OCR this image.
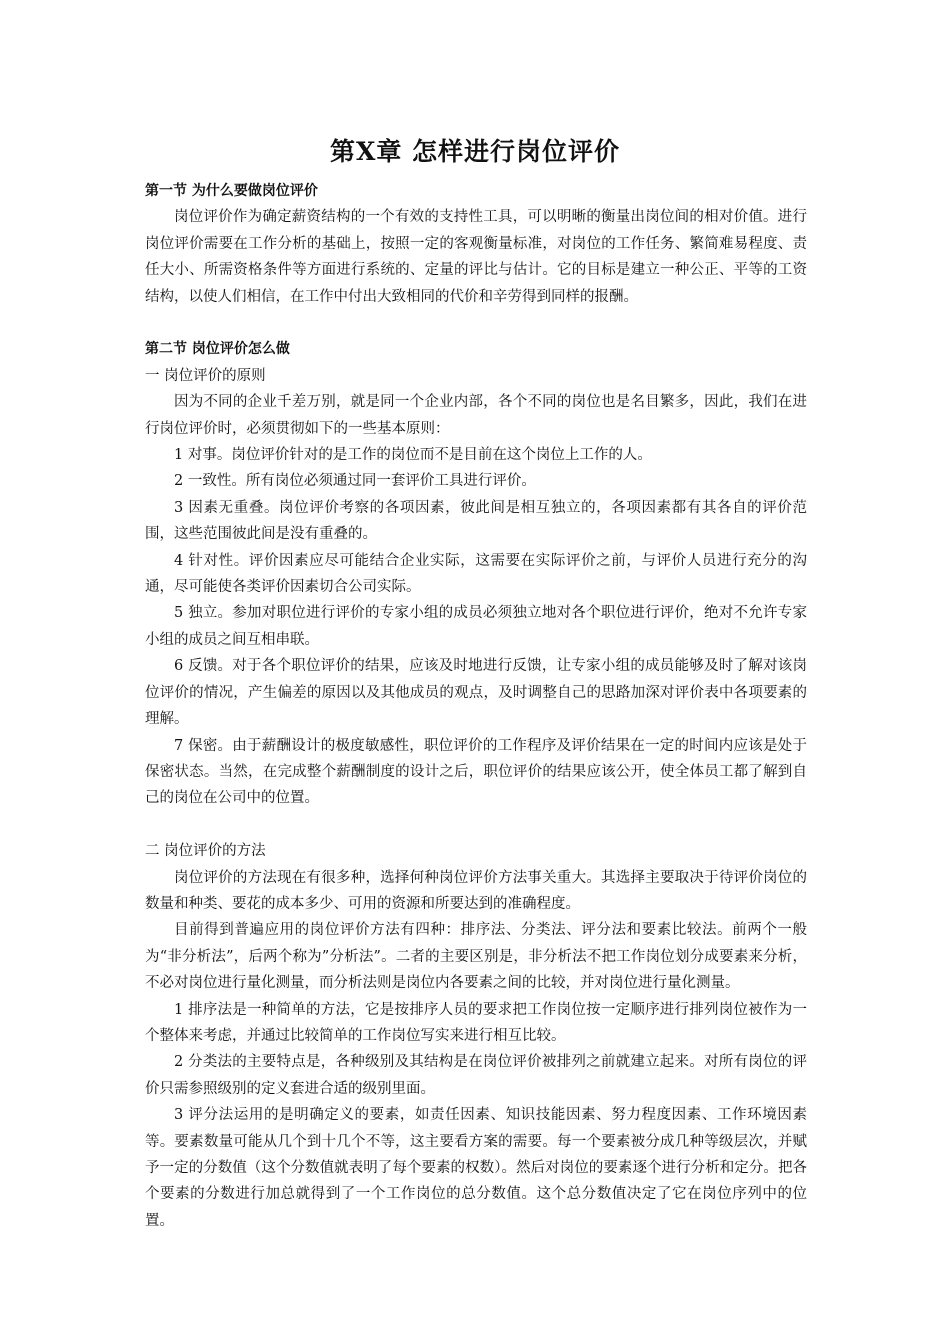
第X章 怎样进行岗位评价

第一节 为什么要做岗位评价

岗位评价作为确定薪资结构的一个有效的支持性工具，可以明晰的衡量出岗位间的相对价值。进行岗位评价需要在工作分析的基础上，按照一定的客观衡量标准，对岗位的工作任务、繁简难易程度、责任大小、所需资格条件等方面进行系统的、定量的评比与估计。它的目标是建立一种公正、平等的工资结构，以使人们相信，在工作中付出大致相同的代价和辛劳得到同样的报酬。

第二节 岗位评价怎么做

一 岗位评价的原则

因为不同的企业千差万别，就是同一个企业内部，各个不同的岗位也是名目繁多，因此，我们在进行岗位评价时，必须贯彻如下的一些基本原则：

1 对事。岗位评价针对的是工作的岗位而不是目前在这个岗位上工作的人。

2 一致性。所有岗位必须通过同一套评价工具进行评价。

3 因素无重叠。岗位评价考察的各项因素，彼此间是相互独立的，各项因素都有其各自的评价范围，这些范围彼此间是没有重叠的。

4 针对性。评价因素应尽可能结合企业实际，这需要在实际评价之前，与评价人员进行充分的沟通，尽可能使各类评价因素切合公司实际。

5 独立。参加对职位进行评价的专家小组的成员必须独立地对各个职位进行评价，绝对不允许专家小组的成员之间互相串联。

6 反馈。对于各个职位评价的结果，应该及时地进行反馈，让专家小组的成员能够及时了解对该岗位评价的情况，产生偏差的原因以及其他成员的观点，及时调整自己的思路加深对评价表中各项要素的理解。

7 保密。由于薪酬设计的极度敏感性，职位评价的工作程序及评价结果在一定的时间内应该是处于保密状态。当然，在完成整个薪酬制度的设计之后，职位评价的结果应该公开，使全体员工都了解到自己的岗位在公司中的位置。

二 岗位评价的方法

岗位评价的方法现在有很多种，选择何种岗位评价方法事关重大。其选择主要取决于待评价岗位的数量和种类、要花的成本多少、可用的资源和所要达到的准确程度。

目前得到普遍应用的岗位评价方法有四种：排序法、分类法、评分法和要素比较法。前两个一般为“非分析法”，后两个称为”分析法”。二者的主要区别是，非分析法不把工作岗位划分成要素来分析，不必对岗位进行量化测量，而分析法则是岗位内各要素之间的比较，并对岗位进行量化测量。

1 排序法是一种简单的方法，它是按排序人员的要求把工作岗位按一定顺序进行排列岗位被作为一个整体来考虑，并通过比较简单的工作岗位写实来进行相互比较。

2 分类法的主要特点是，各种级别及其结构是在岗位评价被排列之前就建立起来。对所有岗位的评价只需参照级别的定义套进合适的级别里面。

3 评分法运用的是明确定义的要素，如责任因素、知识技能因素、努力程度因素、工作环境因素等。要素数量可能从几个到十几个不等，这主要看方案的需要。每一个要素被分成几种等级层次，并赋予一定的分数值（这个分数值就表明了每个要素的权数）。然后对岗位的要素逐个进行分析和定分。把各个要素的分数进行加总就得到了一个工作岗位的总分数值。这个总分数值决定了它在岗位序列中的位置。
